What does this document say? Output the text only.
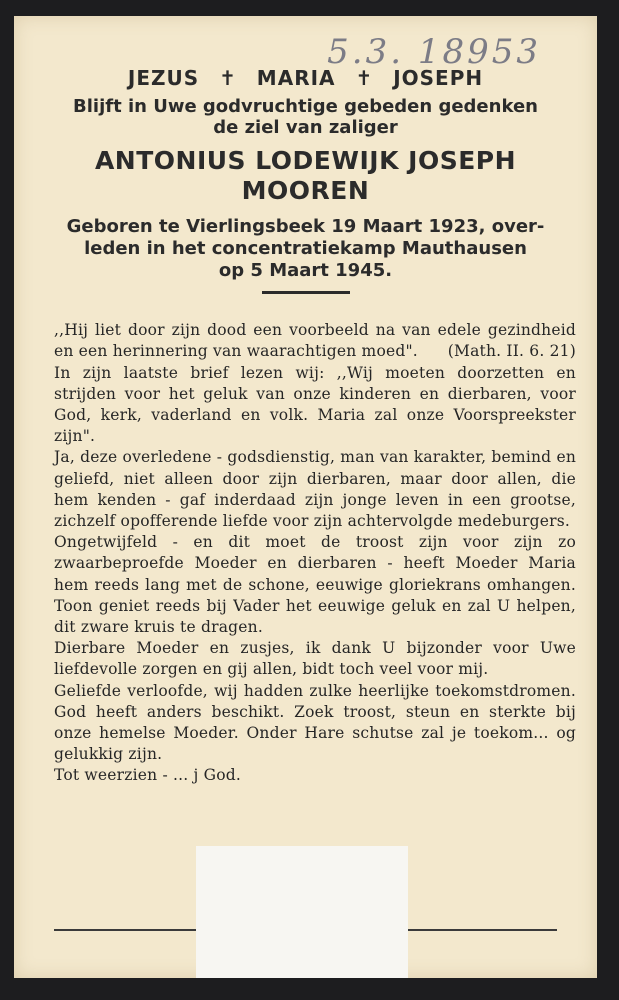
5.3. 18953
JEZUS ✝ MARIA ✝ JOSEPH
Blijft in Uwe godvruchtige gebeden gedenken
de ziel van zaliger
ANTONIUS LODEWIJK JOSEPH
MOOREN
Geboren te Vierlingsbeek 19 Maart 1923, over-
leden in het concentratiekamp Mauthausen
op 5 Maart 1945.

,,Hij liet door zijn dood een voorbeeld na van edele gezindheid en een herinnering van waarachtigen moed".	(Math. II. 6. 21)

In zijn laatste brief lezen wij: ,,Wij moeten doorzetten en strijden voor het geluk van onze kinderen en dierbaren, voor God, kerk, vaderland en volk. Maria zal onze Voorspreekster zijn".

Ja, deze overledene - godsdienstig, man van karakter, bemind en geliefd, niet alleen door zijn dierbaren, maar door allen, die hem kenden - gaf inderdaad zijn jonge leven in een grootse, zichzelf opofferende liefde voor zijn achtervolgde medeburgers.

Ongetwijfeld - en dit moet de troost zijn voor zijn zo zwaarbeproefde Moeder en dierbaren - heeft Moeder Maria hem reeds lang met de schone, eeuwige gloriekrans omhangen. Toon geniet reeds bij Vader het eeuwige geluk en zal U helpen, dit zware kruis te dragen.

Dierbare Moeder en zusjes, ik dank U bijzonder voor Uwe liefdevolle zorgen en gij allen, bidt toch veel voor mij.

Geliefde verloofde, wij hadden zulke heerlijke toekomstdromen. God heeft anders beschikt. Zoek troost, steun en sterkte bij onze hemelse Moeder. Onder Hare schutse zal je toekom... og gelukkig zijn.

Tot weerzien - ... j God.
